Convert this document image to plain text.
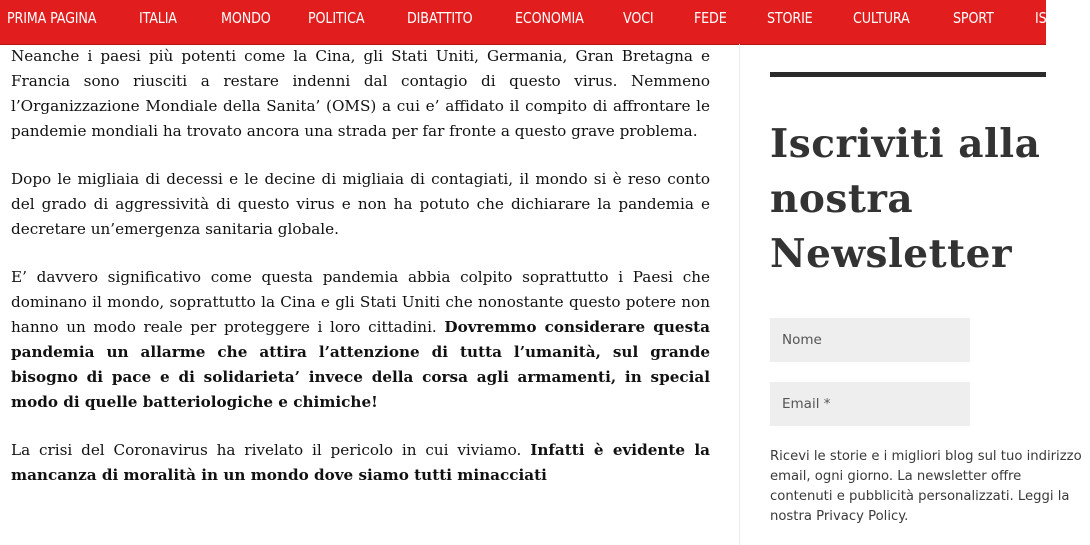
PRIMA PAGINA	ITALIA	MONDO POLITICA	DIBATTITO	ECONOMIA	VOCI	FEDE	STORIE	CULTURA	SPORT	IS

Neanche i paesi più potenti come la Cina, gli Stati Uniti, Germania, Gran Bretagna e Francia sono riusciti a restare indenni dal contagio di questo virus. Nemmeno l’Organizzazione Mondiale della Sanita’ (OMS) a cui e’ affidato il compito di affrontare le pandemie mondiali ha trovato ancora una strada per far fronte a questo grave problema.

Dopo le migliaia di decessi e le decine di migliaia di contagiati, il mondo si è reso conto del grado di aggressività di questo virus e non ha potuto che dichiarare la pandemia e decretare un’emergenza sanitaria globale.

E’ davvero significativo come questa pandemia abbia colpito soprattutto i Paesi che dominano il mondo, soprattutto la Cina e gli Stati Uniti che nonostante questo potere non hanno un modo reale per proteggere i loro cittadini. Dovremmo considerare questa pandemia un allarme che attira l’attenzione di tutta l’umanità, sul grande bisogno di pace e di solidarieta’ invece della corsa agli armamenti, in special modo di quelle batteriologiche e chimiche!

La crisi del Coronavirus ha rivelato il pericolo in cui viviamo. Infatti è evidente la mancanza di moralità in un mondo dove siamo tutti minacciati

Iscriviti alla
nostra
Newsletter
Nome
Email *
Ricevi le storie e i migliori blog sul tuo indirizzo
email, ogni giorno. La newsletter offre
contenuti e pubblicità personalizzati. Leggi la
nostra Privacy Policy.
